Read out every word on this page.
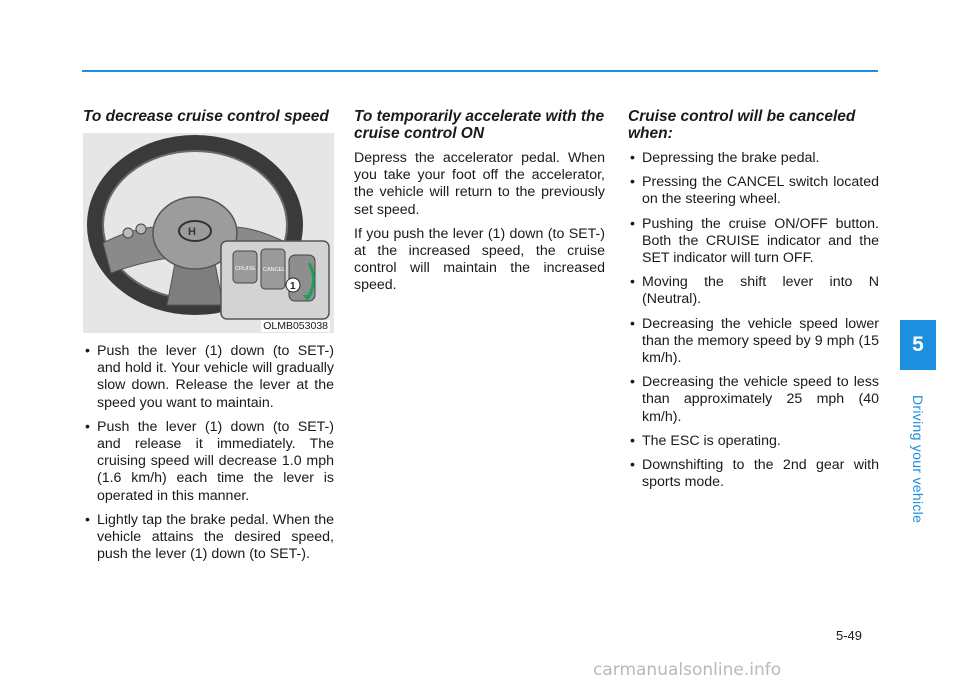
To decrease cruise control speed
H
CRUISE CANCEL
1
OLMB053038
• Push the lever (1) down (to SET-) and hold it. Your vehicle will gradually slow down. Release the lever at the speed you want to maintain.
• Push the lever (1) down (to SET-) and release it immediately. The cruising speed will decrease 1.0 mph (1.6 km/h) each time the lever is operated in this manner.
• Lightly tap the brake pedal. When the vehicle attains the desired speed, push the lever (1) down (to SET-).
To temporarily accelerate with the cruise control ON

Depress the accelerator pedal. When you take your foot off the accelerator, the vehicle will return to the previously set speed.

If you push the lever (1) down (to SET-) at the increased speed, the cruise control will maintain the increased speed.

Cruise control will be canceled when:
• Depressing the brake pedal.
• Pressing the CANCEL switch located on the steering wheel.
• Pushing the cruise ON/OFF button. Both the CRUISE indicator and the SET indicator will turn OFF.
• Moving the shift lever into N (Neutral).
• Decreasing the vehicle speed lower than the memory speed by 9 mph (15 km/h).
• Decreasing the vehicle speed to less than approximately 25 mph (40 km/h).
• The ESC is operating.
• Downshifting to the 2nd gear with sports mode.
5
Driving your vehicle
5-49
carmanualsonline.info
